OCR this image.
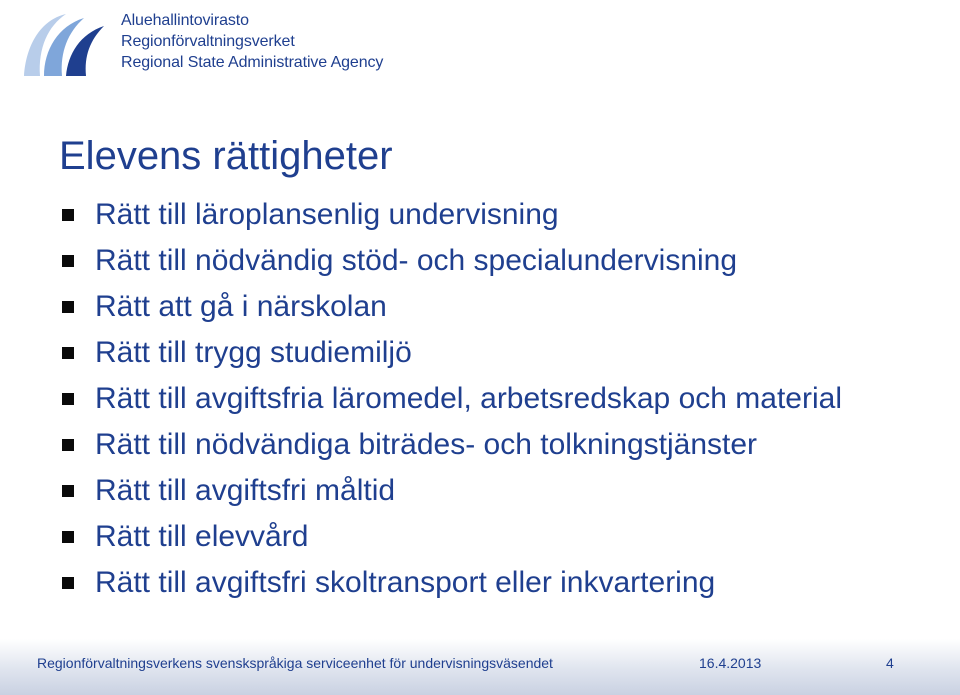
Aluehallintovirasto
Regionförvaltningsverket
Regional State Administrative Agency
Elevens rättigheter
Rätt till läroplansenlig undervisning
Rätt till nödvändig stöd- och specialundervisning
Rätt att gå i närskolan
Rätt till trygg studiemiljö
Rätt till avgiftsfria läromedel, arbetsredskap och material
Rätt till nödvändiga biträdes- och tolkningstjänster
Rätt till avgiftsfri måltid
Rätt till elevvård
Rätt till avgiftsfri skoltransport eller inkvartering
Regionförvaltningsverkens svenskspråkiga serviceenhet för undervisningsväsendet	16.4.2013	4
